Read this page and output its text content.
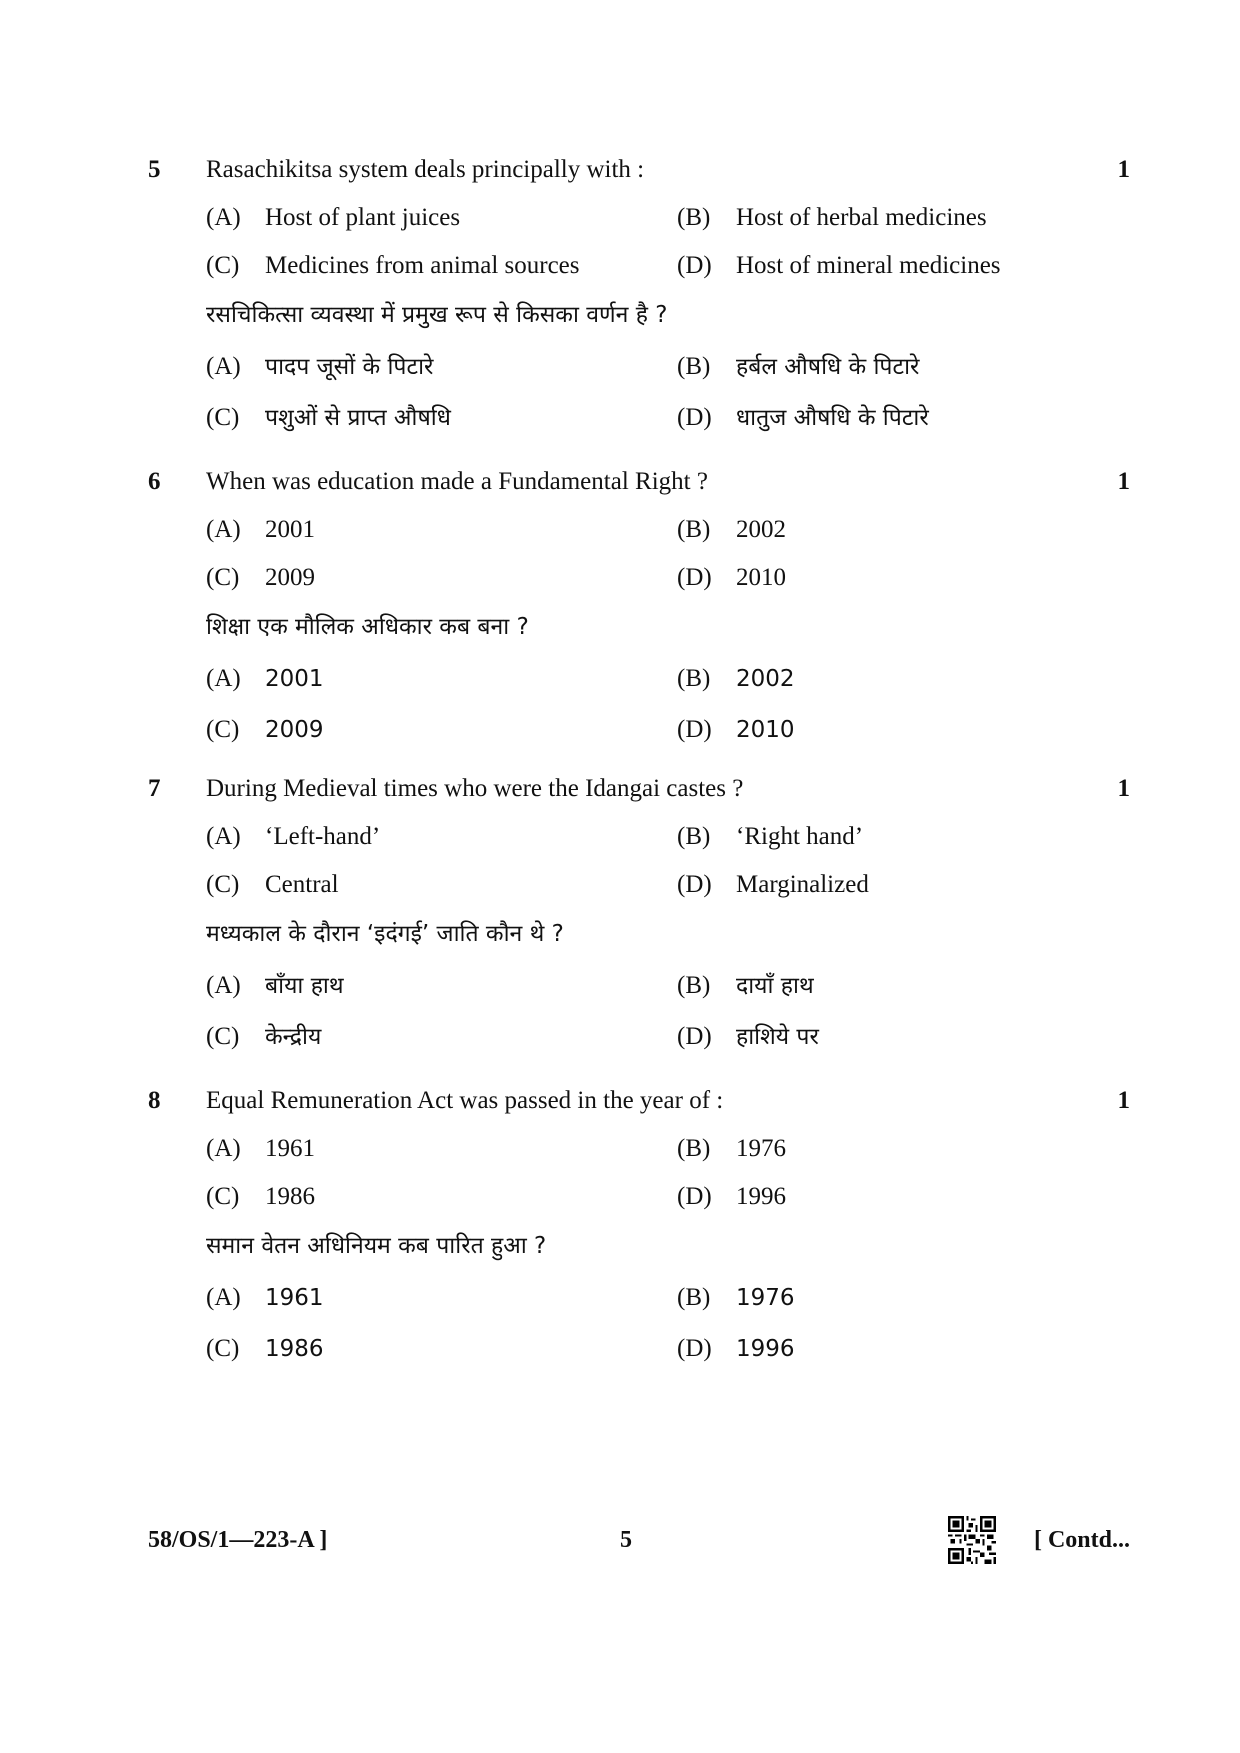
5 Rasachikitsa system deals principally with :	1
(A) Host of plant juices	(B) Host of herbal medicines
(C) Medicines from animal sources	(D) Host of mineral medicines
रसचिकित्सा व्यवस्था में प्रमुख रूप से किसका वर्णन है ?
(A) पादप जूसों के पिटारे	(B) हर्बल औषधि के पिटारे
(C) पशुओं से प्राप्त औषधि	(D) धातुज औषधि के पिटारे
6 When was education made a Fundamental Right ?	1
(A) 2001	(B) 2002
(C) 2009	(D) 2010
शिक्षा एक मौलिक अधिकार कब बना ?
(A) 2001	(B) 2002
(C) 2009	(D) 2010
7 During Medieval times who were the Idangai castes ?	1
(A) ‘Left-hand’	(B) ‘Right hand’
(C) Central	(D) Marginalized
मध्यकाल के दौरान ‘इदंगई’ जाति कौन थे ?
(A) बाँया हाथ	(B) दायाँ हाथ
(C) केन्द्रीय	(D) हाशिये पर
8 Equal Remuneration Act was passed in the year of :	1
(A) 1961	(B) 1976
(C) 1986	(D) 1996
समान वेतन अधिनियम कब पारित हुआ ?
(A) 1961	(B) 1976
(C) 1986	(D) 1996
58/OS/1—223-A ]	5	[ Contd...
